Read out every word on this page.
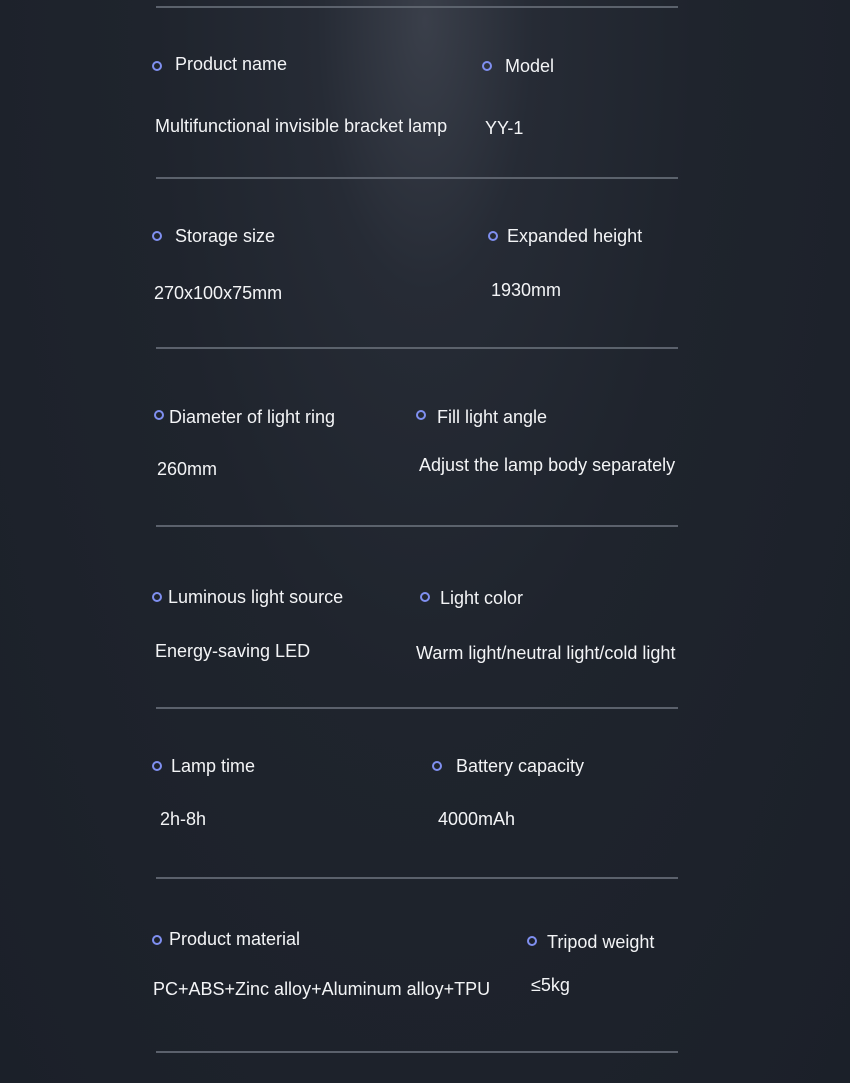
Product name
Multifunctional invisible bracket lamp
Model
YY-1
Storage size
270x100x75mm
Expanded height
1930mm
Diameter of light ring
260mm
Fill light angle
Adjust the lamp body separately
Luminous light source
Energy-saving LED
Light color
Warm light/neutral light/cold light
Lamp time
2h-8h
Battery capacity
4000mAh
Product material
PC+ABS+Zinc alloy+Aluminum alloy+TPU
Tripod weight
≤5kg
